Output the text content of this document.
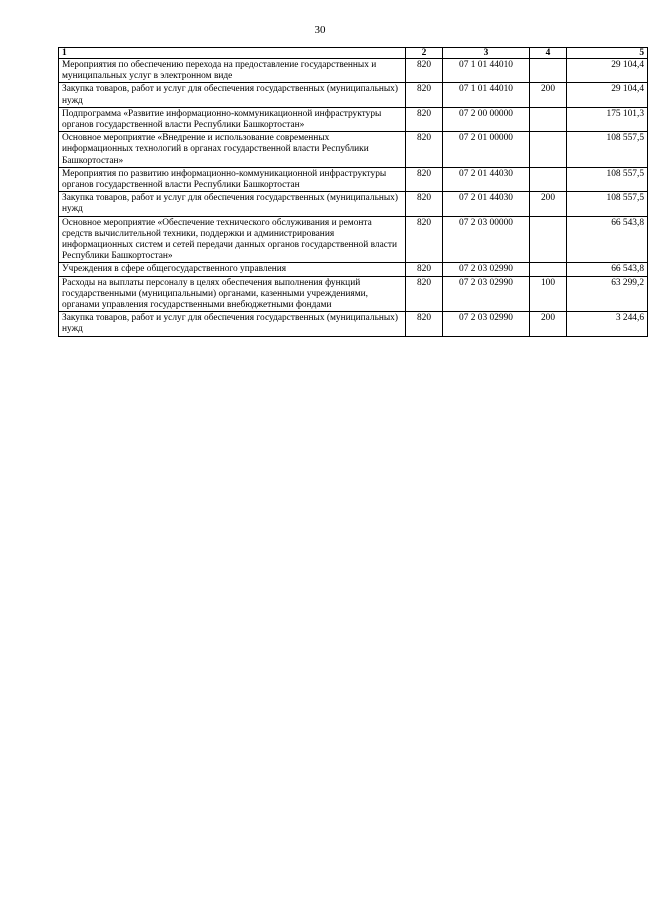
30
1	2	3	4	5
Мероприятия по обеспечению перехода на предоставление государственных и муниципальных услуг в электронном виде	820	07 1 01 44010		29 104,4
Закупка товаров, работ и услуг для обеспечения государственных (муниципальных) нужд	820	07 1 01 44010	200	29 104,4
Подпрограмма «Развитие информационно-коммуникационной инфраструктуры органов государственной власти Республики Башкортостан»	820	07 2 00 00000		175 101,3
Основное мероприятие «Внедрение и использование современных информационных технологий в органах государственной власти Республики Башкортостан»	820	07 2 01 00000		108 557,5
Мероприятия по развитию информационно-коммуникационной инфраструктуры органов государственной власти Республики Башкортостан	820	07 2 01 44030		108 557,5
Закупка товаров, работ и услуг для обеспечения государственных (муниципальных) нужд	820	07 2 01 44030	200	108 557,5
Основное мероприятие «Обеспечение технического обслуживания и ремонта средств вычислительной техники, поддержки и администрирования информационных систем и сетей передачи данных органов государственной власти Республики Башкортостан»	820	07 2 03 00000		66 543,8
Учреждения в сфере общегосударственного управления	820	07 2 03 02990		66 543,8
Расходы на выплаты персоналу в целях обеспечения выполнения функций государственными (муниципальными) органами, казенными учреждениями, органами управления государственными внебюджетными фондами	820	07 2 03 02990	100	63 299,2
Закупка товаров, работ и услуг для обеспечения государственных (муниципальных) нужд	820	07 2 03 02990	200	3 244,6
